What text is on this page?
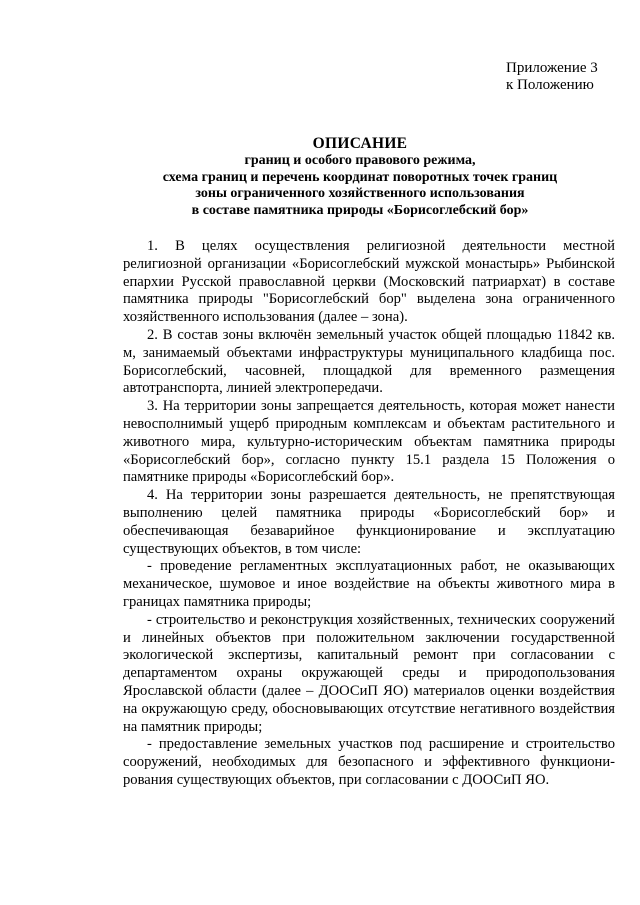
Приложение 3
к Положению
ОПИСАНИЕ
границ и особого правового режима,
схема границ и перечень координат поворотных точек границ
зоны ограниченного хозяйственного использования
в составе памятника природы «Борисоглебский бор»

1. В целях осуществления религиозной деятельности местной религиозной организации «Борисоглебский мужской монастырь» Рыбинской епархии Русской православной церкви (Московский патриархат) в составе памятника природы "Борисоглебский бор" выделена зона ограниченного хозяйственного использования (далее – зона).

2. В состав зоны включён земельный участок общей площадью 11842 кв. м, занимаемый объектами инфраструктуры муниципального кладбища пос. Борисоглебский, часовней, площадкой для временного размещения автотранспорта, линией электропередачи.

3. На территории зоны запрещается деятельность, которая может нанести невосполнимый ущерб природным комплексам и объектам растительного и животного мира, культурно-историческим объектам памятника природы «Борисоглебский бор», согласно пункту 15.1 раздела 15 Положения о памятнике природы «Борисоглебский бор».

4. На территории зоны разрешается деятельность, не препятствующая выполнению целей памятника природы «Борисоглебский бор» и обеспечивающая безаварийное функционирование и эксплуатацию существующих объектов, в том числе:

- проведение регламентных эксплуатационных работ, не оказывающих механическое, шумовое и иное воздействие на объекты животного мира в границах памятника природы;

- строительство и реконструкция хозяйственных, технических сооружений и линейных объектов при положительном заключении государственной экологической экспертизы, капитальный ремонт при согласовании с департаментом охраны окружающей среды и природопользования Ярославской области (далее – ДООСиП ЯО) материалов оценки воздействия на окружающую среду, обосновывающих отсутствие негативного воздействия на памятник природы;

- предоставление земельных участков под расширение и строительство сооружений, необходимых для безопасного и эффективного функциони-рования существующих объектов, при согласовании с ДООСиП ЯО.
